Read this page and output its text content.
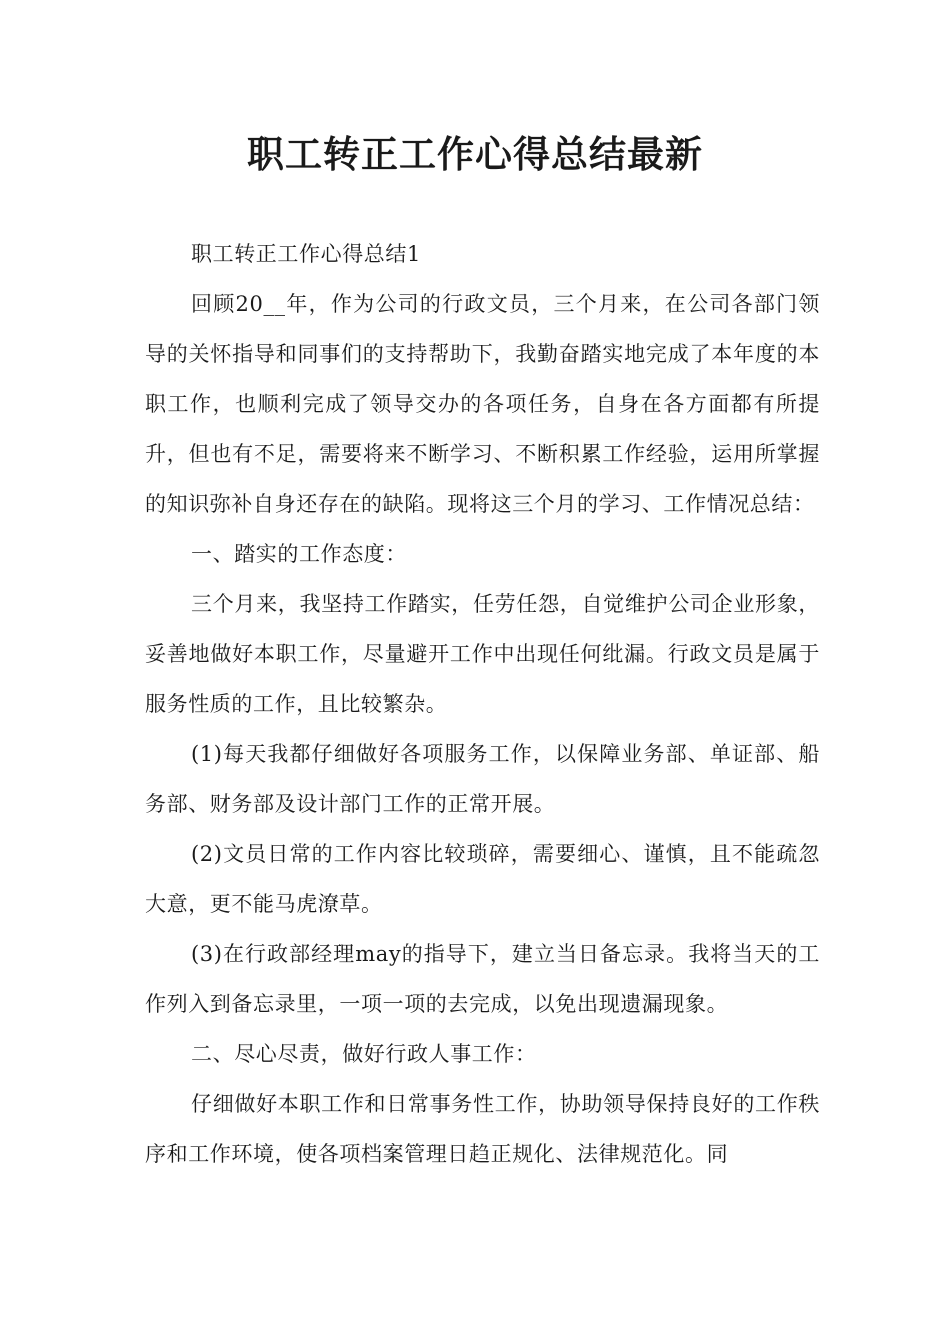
职工转正工作心得总结最新

职工转正工作心得总结1

回顾20__年，作为公司的行政文员，三个月来，在公司各部门领导的关怀指导和同事们的支持帮助下，我勤奋踏实地完成了本年度的本职工作，也顺利完成了领导交办的各项任务，自身在各方面都有所提升，但也有不足，需要将来不断学习、不断积累工作经验，运用所掌握的知识弥补自身还存在的缺陷。现将这三个月的学习、工作情况总结：

一、踏实的工作态度：

三个月来，我坚持工作踏实，任劳任怨，自觉维护公司企业形象，妥善地做好本职工作，尽量避开工作中出现任何纰漏。行政文员是属于服务性质的工作，且比较繁杂。

(1)每天我都仔细做好各项服务工作，以保障业务部、单证部、船务部、财务部及设计部门工作的正常开展。

(2)文员日常的工作内容比较琐碎，需要细心、谨慎，且不能疏忽大意，更不能马虎潦草。

(3)在行政部经理may的指导下，建立当日备忘录。我将当天的工作列入到备忘录里，一项一项的去完成，以免出现遗漏现象。

二、尽心尽责，做好行政人事工作：

仔细做好本职工作和日常事务性工作，协助领导保持良好的工作秩序和工作环境，使各项档案管理日趋正规化、法律规范化。同
